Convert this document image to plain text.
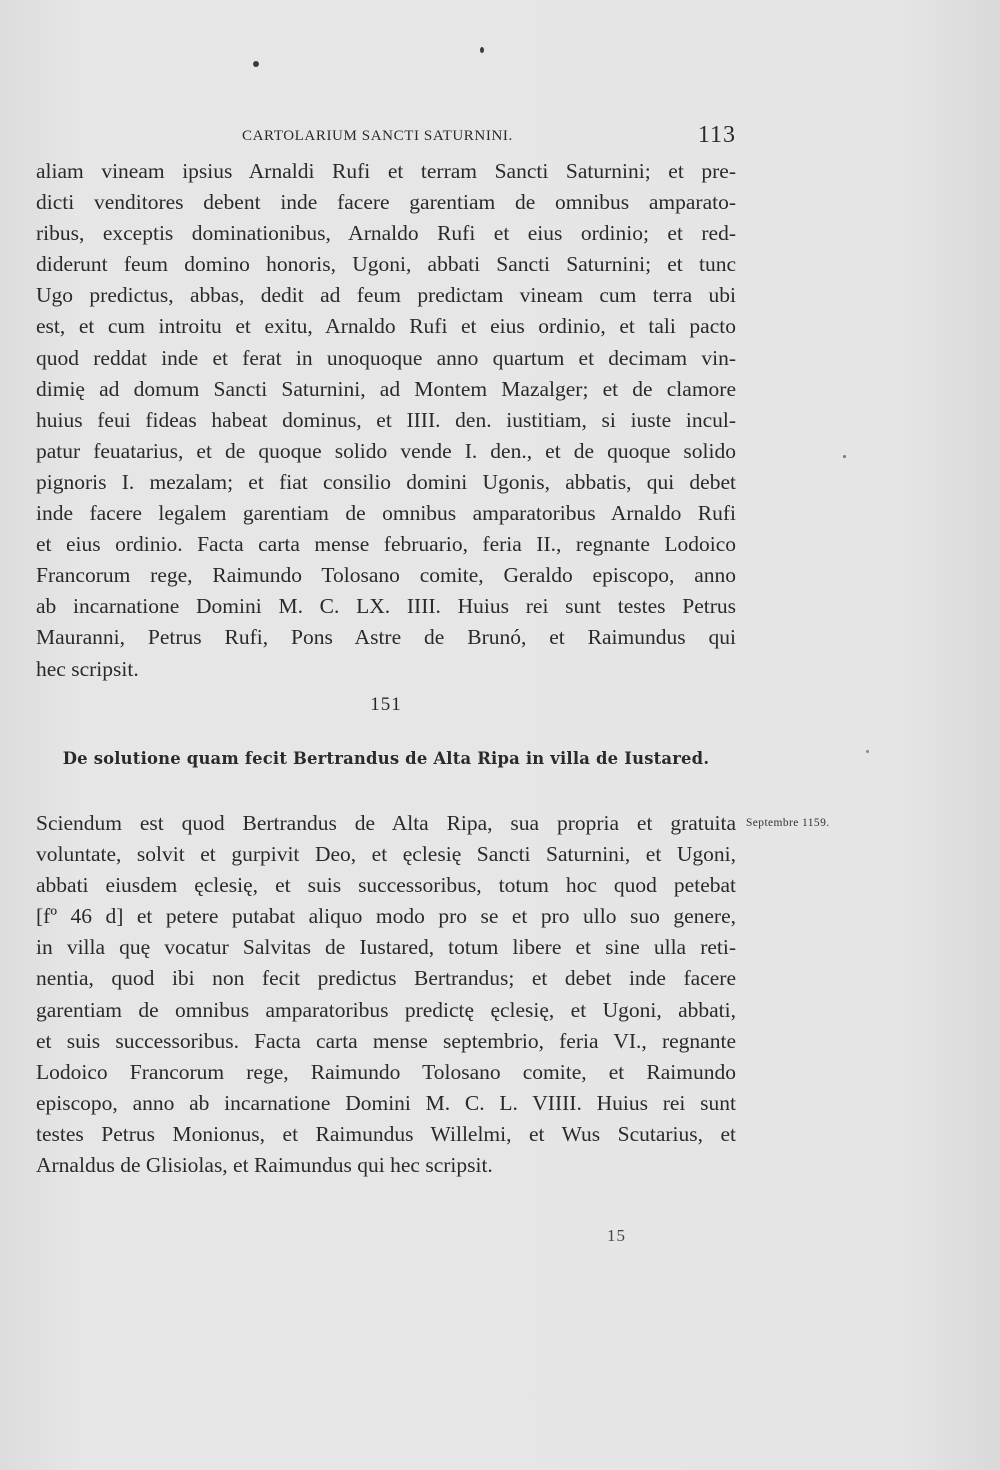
CARTOLARIUM SANCTI SATURNINI.	113
aliam vineam ipsius Arnaldi Rufi et terram Sancti Saturnini; et pre-
dicti venditores debent inde facere garentiam de omnibus amparato-
ribus, exceptis dominationibus, Arnaldo Rufi et eius ordinio; et red-
diderunt feum domino honoris, Ugoni, abbati Sancti Saturnini; et tunc
Ugo predictus, abbas, dedit ad feum predictam vineam cum terra ubi
est, et cum introitu et exitu, Arnaldo Rufi et eius ordinio, et tali pacto
quod reddat inde et ferat in unoquoque anno quartum et decimam vin-
dimię ad domum Sancti Saturnini, ad Montem Mazalger; et de clamore
huius feui fideas habeat dominus, et IIII. den. iustitiam, si iuste incul-
patur feuatarius, et de quoque solido vende I. den., et de quoque solido
pignoris I. mezalam; et fiat consilio domini Ugonis, abbatis, qui debet
inde facere legalem garentiam de omnibus amparatoribus Arnaldo Rufi
et eius ordinio. Facta carta mense februario, feria II., regnante Lodoico
Francorum rege, Raimundo Tolosano comite, Geraldo episcopo, anno
ab incarnatione Domini M. C. LX. IIII. Huius rei sunt testes Petrus
Mauranni, Petrus Rufi, Pons Astre de Brunó, et Raimundus qui
hec scripsit.
151
De solutione quam fecit Bertrandus de Alta Ripa in villa de Iustared.
Sciendum est quod Bertrandus de Alta Ripa, sua propria et gratuita
voluntate, solvit et gurpivit Deo, et ęclesię Sancti Saturnini, et Ugoni,
abbati eiusdem ęclesię, et suis successoribus, totum hoc quod petebat
[fº 46 d] et petere putabat aliquo modo pro se et pro ullo suo genere,
in villa quę vocatur Salvitas de Iustared, totum libere et sine ulla reti-
nentia, quod ibi non fecit predictus Bertrandus; et debet inde facere
garentiam de omnibus amparatoribus predictę ęclesię, et Ugoni, abbati,
et suis successoribus. Facta carta mense septembrio, feria VI., regnante
Lodoico Francorum rege, Raimundo Tolosano comite, et Raimundo
episcopo, anno ab incarnatione Domini M. C. L. VIIII. Huius rei sunt
testes Petrus Monionus, et Raimundus Willelmi, et Wus Scutarius, et
Arnaldus de Glisiolas, et Raimundus qui hec scripsit.
Septembre 1159.
15
